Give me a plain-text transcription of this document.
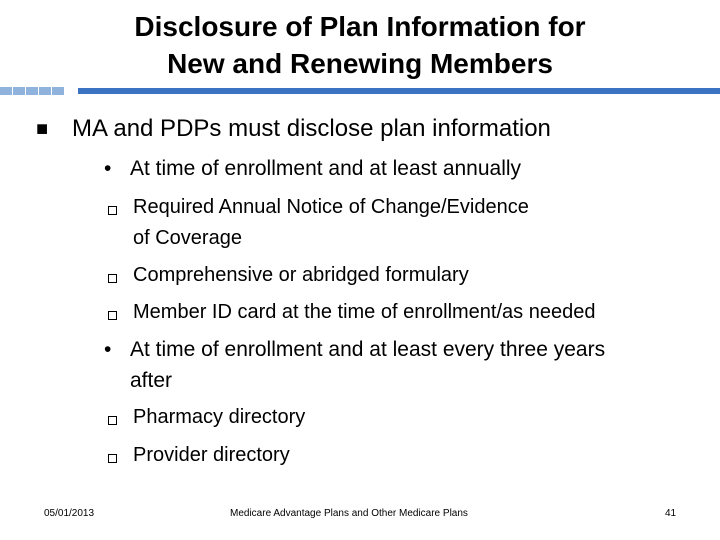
Disclosure of Plan Information for
New and Renewing Members
■ MA and PDPs must disclose plan information
• At time of enrollment and at least annually
Required Annual Notice of Change/Evidence
of Coverage
Comprehensive or abridged formulary
Member ID card at the time of enrollment/as needed
• At time of enrollment and at least every three years
after
Pharmacy directory
Provider directory
05/01/2013	Medicare Advantage Plans and Other Medicare Plans	41
